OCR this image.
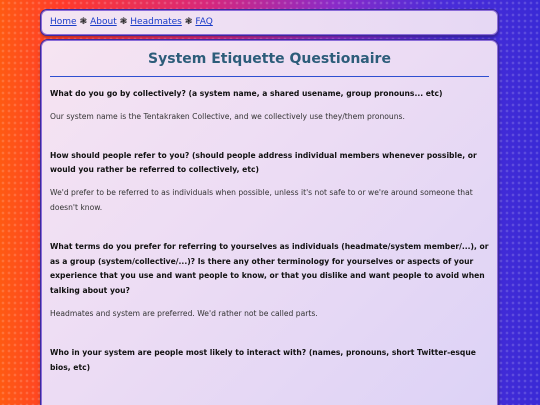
Home ❃ About ❃ Headmates ❃ FAQ
System Etiquette Questionaire

What do you go by collectively? (a system name, a shared usename, group pronouns... etc)

Our system name is the Tentakraken Collective, and we collectively use they/them pronouns.

How should people refer to you? (should people address individual members whenever possible, or would you rather be referred to collectively, etc)

We'd prefer to be referred to as individuals when possible, unless it's not safe to or we're around someone that doesn't know.

What terms do you prefer for referring to yourselves as individuals (headmate/system member/...), or as a group (system/collective/...)? Is there any other terminology for yourselves or aspects of your experience that you use and want people to know, or that you dislike and want people to avoid when talking about you?

Headmates and system are preferred. We'd rather not be called parts.

Who in your system are people most likely to interact with? (names, pronouns, short Twitter-esque bios, etc)
